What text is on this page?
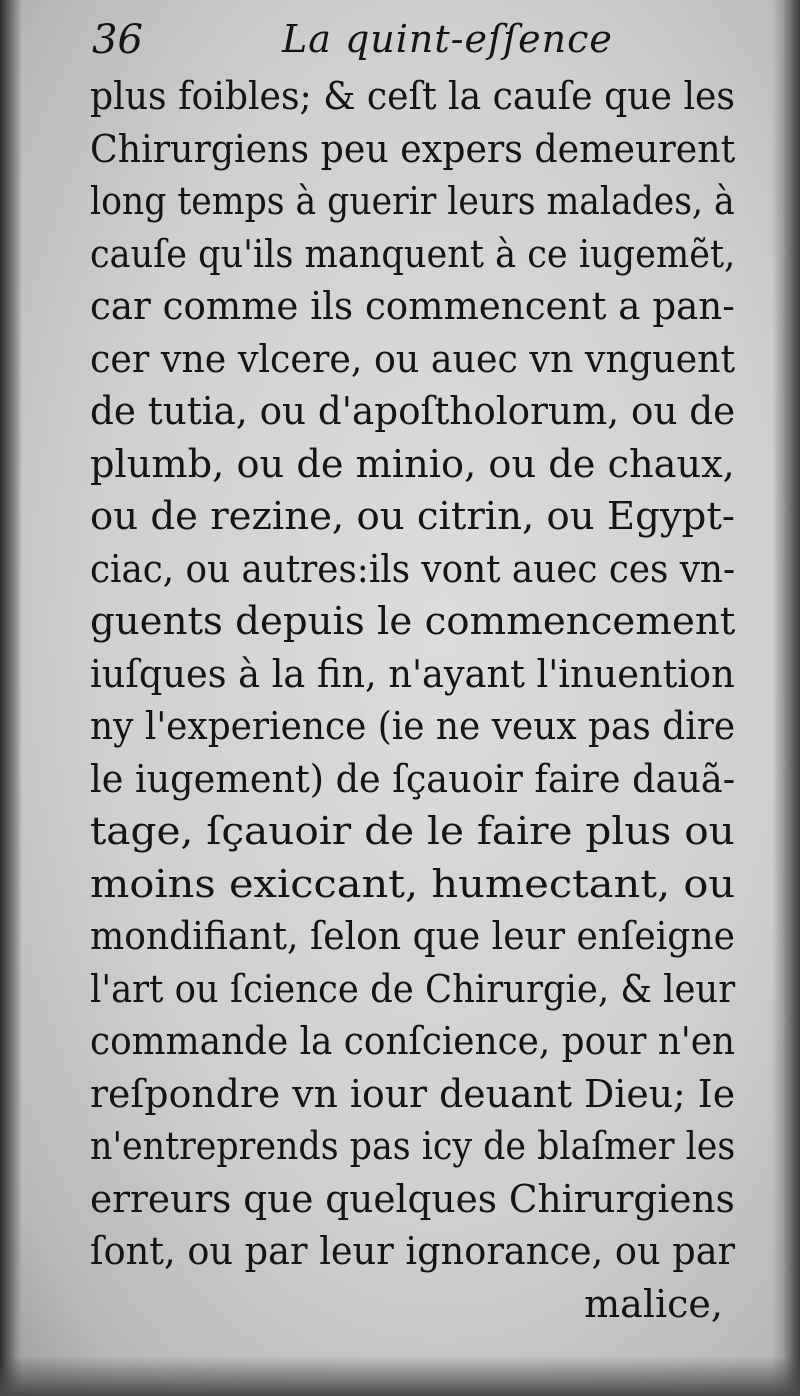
36	La quint-eſſence
plus foibles; & ceſt la cauſe que les
Chirurgiens peu expers demeurent
long temps à guerir leurs malades, à
cauſe qu'ils manquent à ce iugemẽt,
car comme ils commencent a pan-
cer vne vlcere, ou auec vn vnguent
de tutia, ou d'apoſtholorum, ou de
plumb, ou de minio, ou de chaux,
ou de rezine, ou citrin, ou Egypt-
ciac, ou autres:ils vont auec ces vn-
guents depuis le commencement
iuſques à la fin, n'ayant l'inuention
ny l'experience (ie ne veux pas dire
le iugement) de ſçauoir faire dauã-
tage, ſçauoir de le faire plus ou
moins exiccant, humectant, ou
mondifiant, ſelon que leur enſeigne
l'art ou ſcience de Chirurgie, & leur
commande la conſcience, pour n'en
reſpondre vn iour deuant Dieu; Ie
n'entreprends pas icy de blaſmer les
erreurs que quelques Chirurgiens
ſont, ou par leur ignorance, ou par
malice,
